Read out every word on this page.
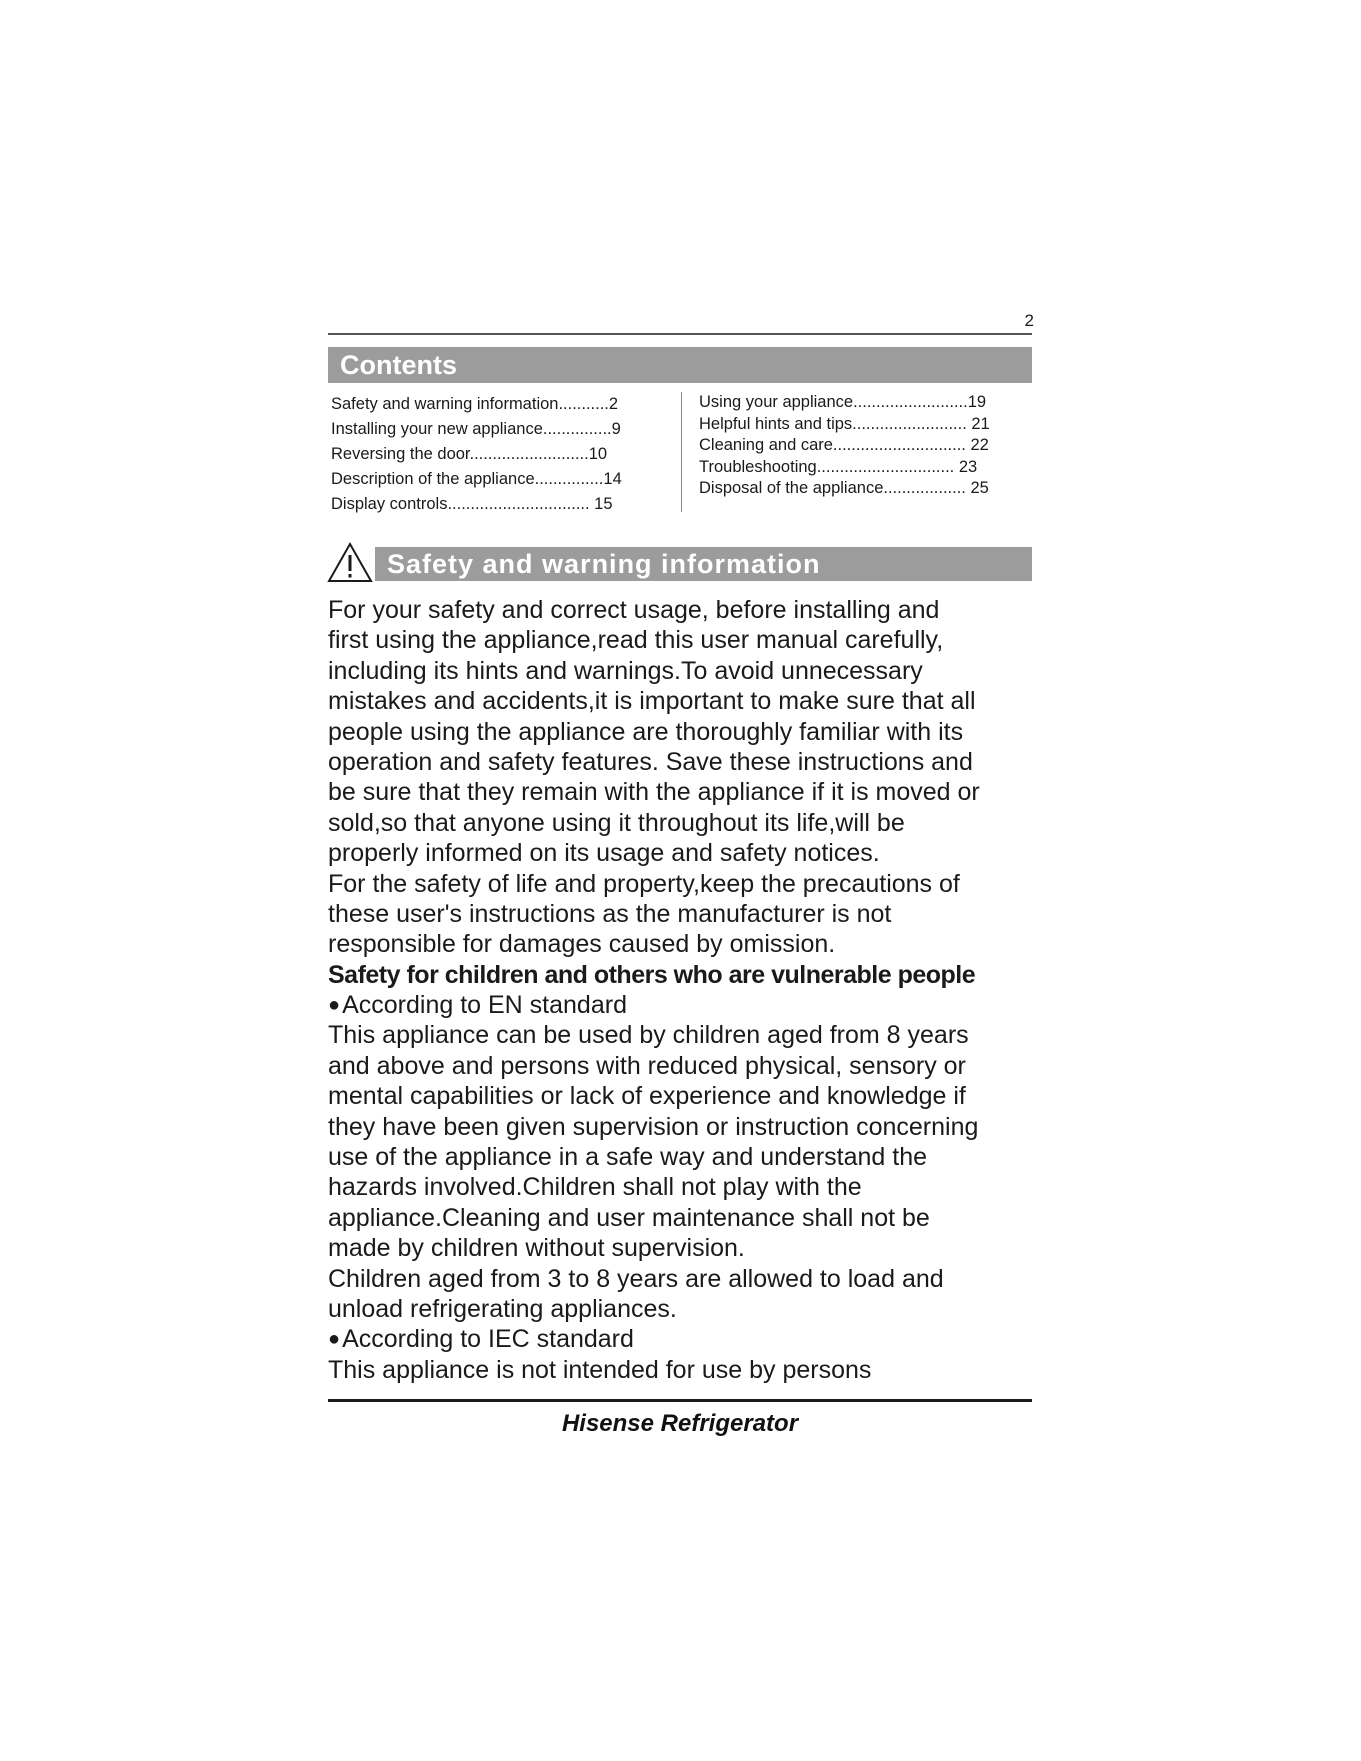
2
Contents
Safety and warning information...........2
Installing your new appliance...............9
Reversing the door..........................10
Description of the appliance...............14
Display controls............................... 15
Using your appliance.........................19
Helpful hints and tips......................... 21
Cleaning and care............................. 22
Troubleshooting.............................. 23
Disposal of the appliance.................. 25
Safety and warning information
For your safety and correct usage, before installing and
first using the appliance,read this user manual carefully,
including its hints and warnings.To avoid unnecessary
mistakes and accidents,it is important to make sure that all
people using the appliance are thoroughly familiar with its
operation and safety features. Save these instructions and
be sure that they remain with the appliance if it is moved or
sold,so that anyone using it throughout its life,will be
properly informed on its usage and safety notices.
For the safety of life and property,keep the precautions of
these user's instructions as the manufacturer is not
responsible for damages caused by omission.
Safety for children and others who are vulnerable people
●According to EN standard
This appliance can be used by children aged from 8 years
and above and persons with reduced physical, sensory or
mental capabilities or lack of experience and knowledge if
they have been given supervision or instruction concerning
use of the appliance in a safe way and understand the
hazards involved.Children shall not play with the
appliance.Cleaning and user maintenance shall not be
made by children without supervision.
Children aged from 3 to 8 years are allowed to load and
unload refrigerating appliances.
●According to IEC standard
This appliance is not intended for use by persons
Hisense Refrigerator
